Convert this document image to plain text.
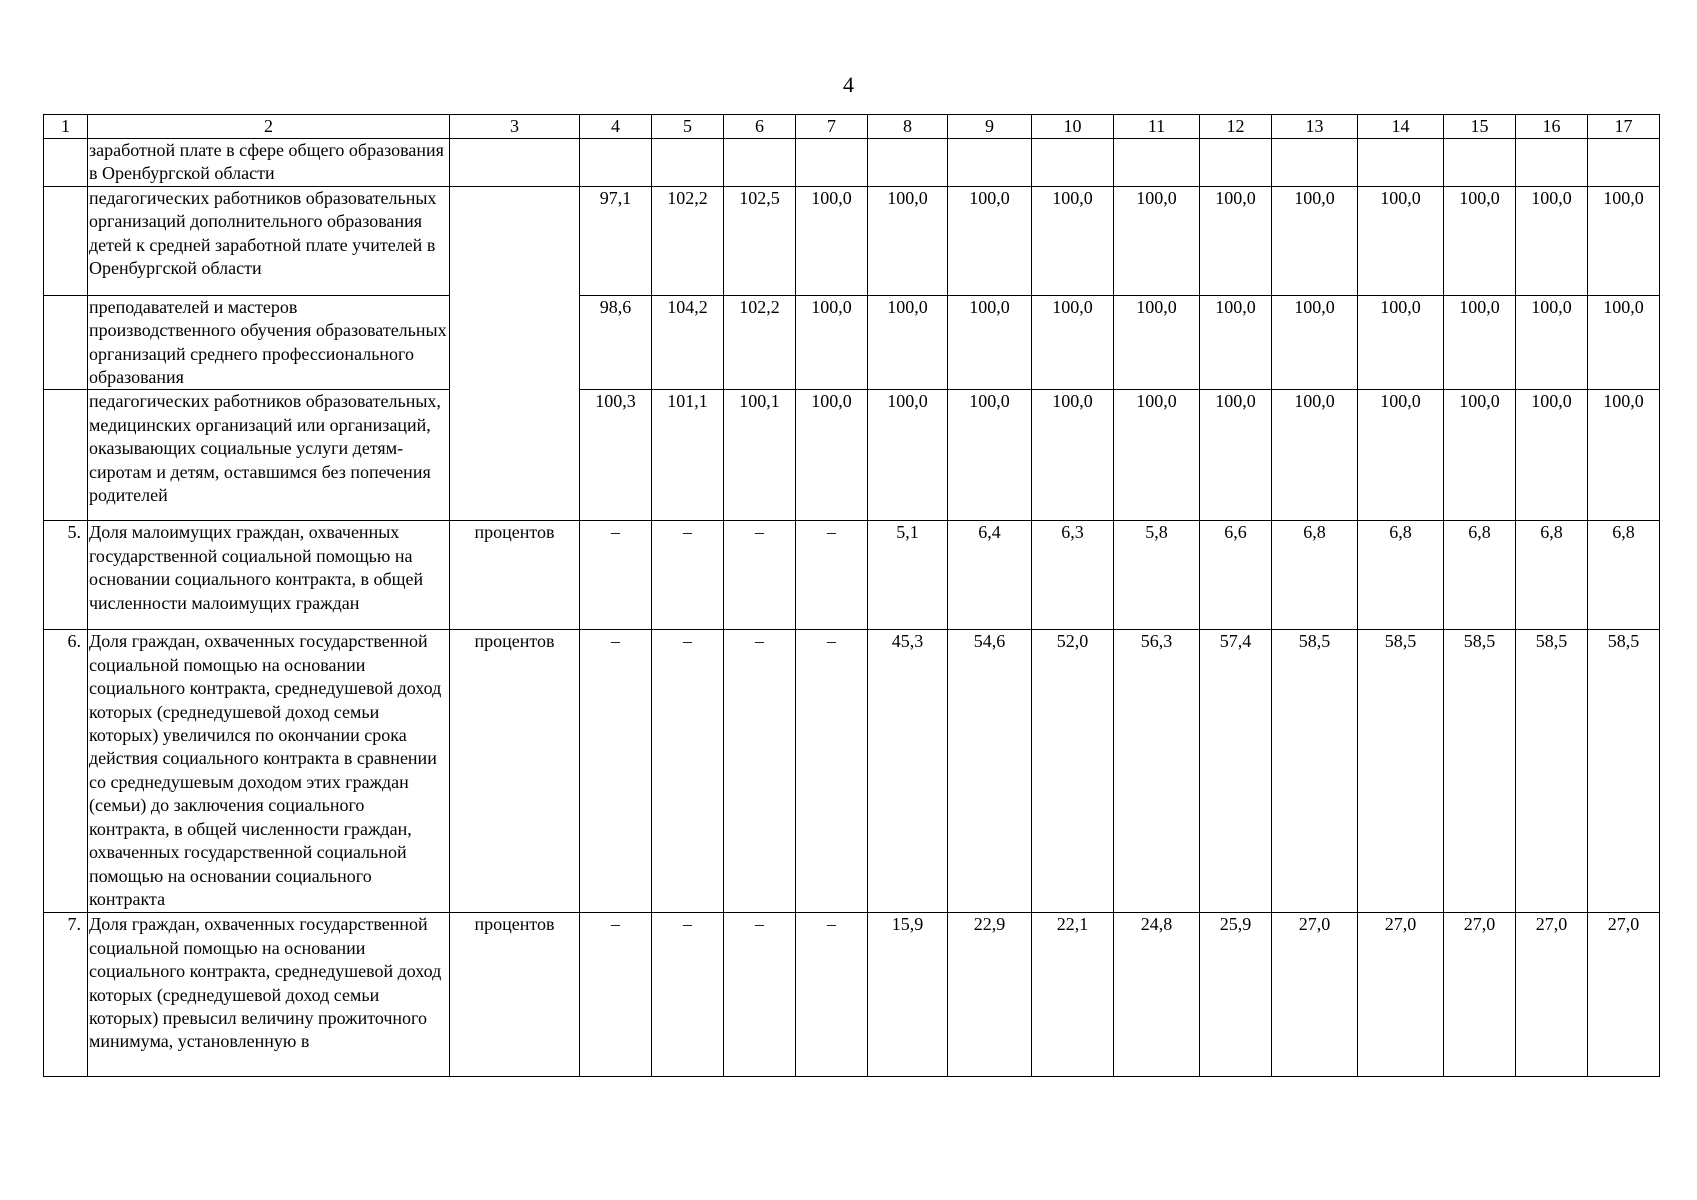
4
1	2	3	4	5	6	7	8	9	10	11	12	13	14	15	16	17
	заработной плате в сфере общего образования в Оренбургской области															
	педагогических работников образовательных организаций дополнительного образования детей к средней заработной плате учителей в Оренбургской области		97,1	102,2	102,5	100,0	100,0	100,0	100,0	100,0	100,0	100,0	100,0	100,0	100,0	100,0
	преподавателей и мастеров производственного обучения образовательных организаций среднего профессионального образования		98,6	104,2	102,2	100,0	100,0	100,0	100,0	100,0	100,0	100,0	100,0	100,0	100,0	100,0
	педагогических работников образовательных, медицинских организаций или организаций, оказывающих социальные услуги детям-сиротам и детям, оставшимся без попечения родителей		100,3	101,1	100,1	100,0	100,0	100,0	100,0	100,0	100,0	100,0	100,0	100,0	100,0	100,0
5.	Доля малоимущих граждан, охваченных государственной социальной помощью на основании социального контракта, в общей численности малоимущих граждан	процентов	–	–	–	–	5,1	6,4	6,3	5,8	6,6	6,8	6,8	6,8	6,8	6,8
6.	Доля граждан, охваченных государственной социальной помощью на основании социального контракта, среднедушевой доход которых (среднедушевой доход семьи которых) увеличился по окончании срока действия социального контракта в сравнении со среднедушевым доходом этих граждан (семьи) до заключения социального контракта, в общей численности граждан, охваченных государственной социальной помощью на основании социального контракта	процентов	–	–	–	–	45,3	54,6	52,0	56,3	57,4	58,5	58,5	58,5	58,5	58,5
7.	Доля граждан, охваченных государственной социальной помощью на основании социального контракта, среднедушевой доход которых (среднедушевой доход семьи которых) превысил величину прожиточного минимума, установленную в	процентов	–	–	–	–	15,9	22,9	22,1	24,8	25,9	27,0	27,0	27,0	27,0	27,0
